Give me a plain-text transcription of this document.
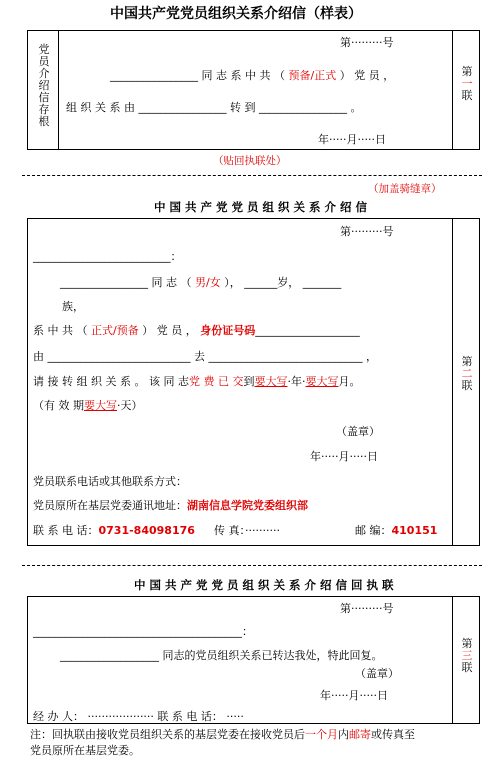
中国共产党党员组织关系介绍信（样表）
党
员
介
绍
信
存
根
第·········号
________________ 同 志 系 中 共 （ 预备/正式 ） 党 员 ，
组 织 关 系 由 ________________ 转 到 ________________ 。
年·····月·····日
第
一
联
（贴回执联处）
（加盖骑缝章）
中 国 共 产 党 党 员 组 织 关 系 介 绍 信
第·········号
_________________________：
________________ 同 志 （ 男/女 ）， ______岁， _______
族，
系 中 共 （ 正式/预备 ） 党 员 ， 身份证号码___________________
由 __________________________ 去 ____________________________ ，
请 接 转 组 织 关 系 。 该 同 志党 费 已 交到要大写·年·要大写月。
（有 效 期要大写·天）
（盖章）
年·····月·····日
党员联系电话或其他联系方式：
党员原所在基层党委通讯地址：湖南信息学院党委组织部
联 系 电 话：0731-84098176 传 真：··········	邮 编：410151
第
二
联
中 国 共 产 党 党 员 组 织 关 系 介 绍 信 回 执 联
第·········号
______________________________________：
__________________ 同志的党员组织关系已转达我处，特此回复。
（盖章）
年·····月·····日
经 办 人： ··················· 联 系 电 话： ·····
第
三
联
注：回执联由接收党员组织关系的基层党委在接收党员后一个月内邮寄或传真至
党员原所在基层党委。
